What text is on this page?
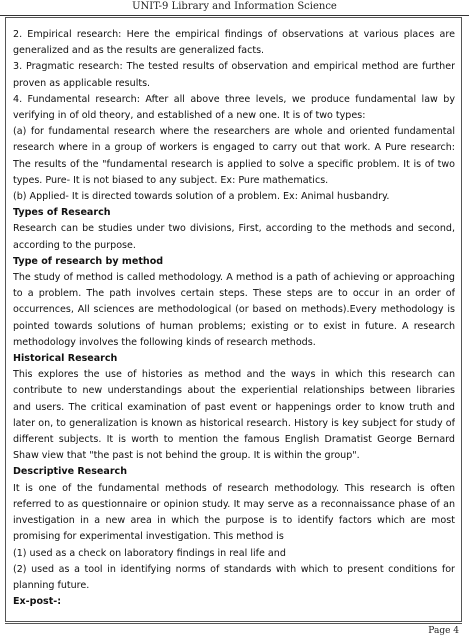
UNIT-9 Library and Information Science

2. Empirical research: Here the empirical findings of observations at various places are generalized and as the results are generalized facts.

3. Pragmatic research: The tested results of observation and empirical method are further proven as applicable results.

4. Fundamental research: After all above three levels, we produce fundamental law by verifying in of old theory, and established of a new one. It is of two types:

(a) for fundamental research where the researchers are whole and oriented fundamental research where in a group of workers is engaged to carry out that work. A Pure research: The results of the "fundamental research is applied to solve a specific problem. It is of two types. Pure- It is not biased to any subject. Ex: Pure mathematics.

(b) Applied- It is directed towards solution of a problem. Ex: Animal husbandry.

Types of Research

Research can be studies under two divisions, First, according to the methods and second, according to the purpose.

Type of research by method

The study of method is called methodology. A method is a path of achieving or approaching to a problem. The path involves certain steps. These steps are to occur in an order of occurrences, All sciences are methodological (or based on methods).Every methodology is pointed towards solutions of human problems; existing or to exist in future. A research methodology involves the following kinds of research methods.

Historical Research

This explores the use of histories as method and the ways in which this research can contribute to new understandings about the experiential relationships between libraries and users. The critical examination of past event or happenings order to know truth and later on, to generalization is known as historical research. History is key subject for study of different subjects. It is worth to mention the famous English Dramatist George Bernard Shaw view that "the past is not behind the group. It is within the group".

Descriptive Research

It is one of the fundamental methods of research methodology. This research is often referred to as questionnaire or opinion study. It may serve as a reconnaissance phase of an investigation in a new area in which the purpose is to identify factors which are most promising for experimental investigation. This method is

(1) used as a check on laboratory findings in real life and

(2) used as a tool in identifying norms of standards with which to present conditions for planning future.

Ex-post-:

Page 4
